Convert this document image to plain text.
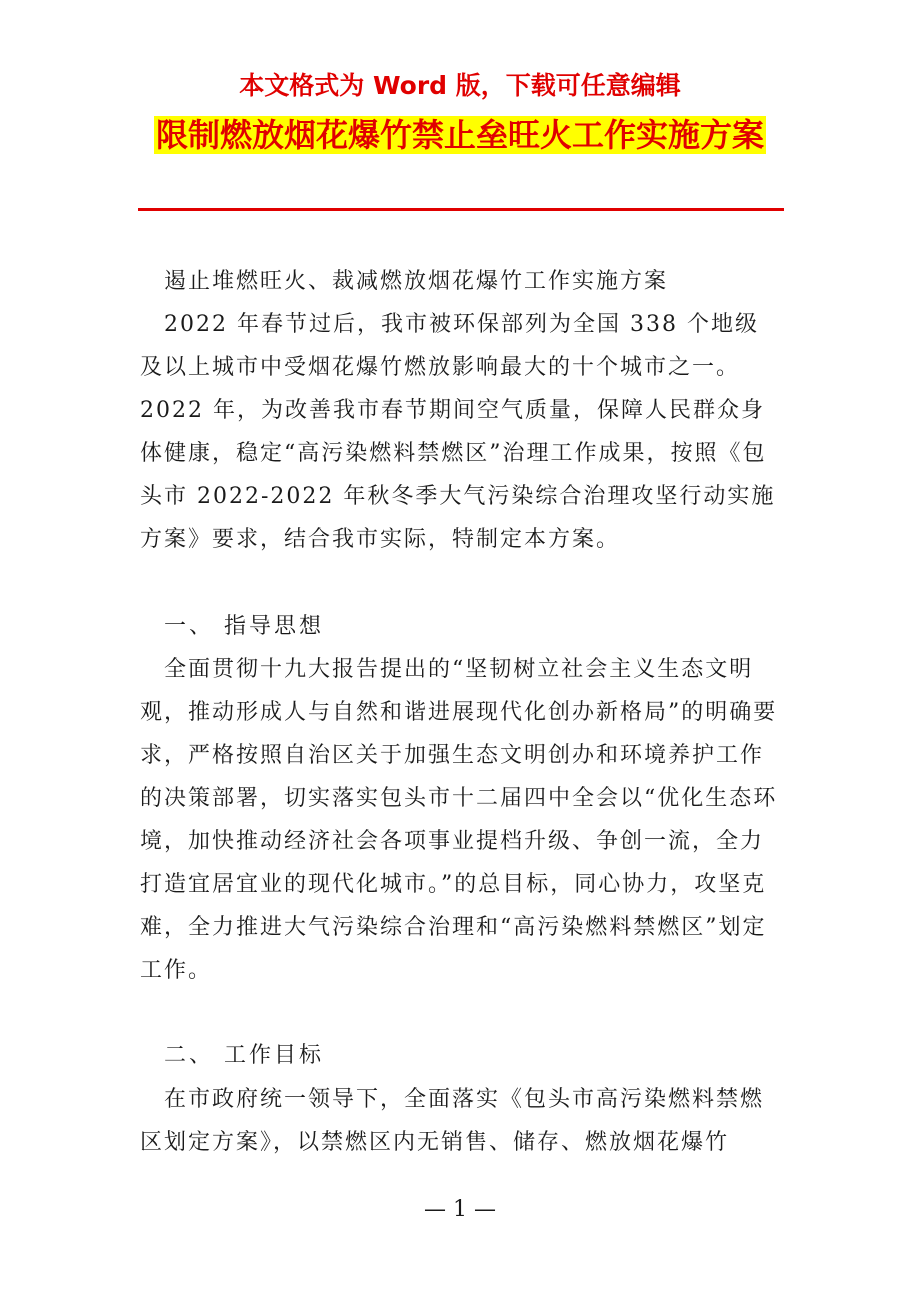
本文格式为 Word 版，下载可任意编辑
限制燃放烟花爆竹禁止垒旺火工作实施方案

遏止堆燃旺火、裁减燃放烟花爆竹工作实施方案

2022 年春节过后，我市被环保部列为全国 338 个地级及以上城市中受烟花爆竹燃放影响最大的十个城市之一。2022 年，为改善我市春节期间空气质量，保障人民群众身体健康，稳定“高污染燃料禁燃区”治理工作成果，按照《包头市 2022-2022 年秋冬季大气污染综合治理攻坚行动实施方案》要求，结合我市实际，特制定本方案。

一、 指导思想

全面贯彻十九大报告提出的“坚韧树立社会主义生态文明观，推动形成人与自然和谐进展现代化创办新格局”的明确要求，严格按照自治区关于加强生态文明创办和环境养护工作的决策部署，切实落实包头市十二届四中全会以“优化生态环境，加快推动经济社会各项事业提档升级、争创一流，全力打造宜居宜业的现代化城市。”的总目标，同心协力，攻坚克难，全力推进大气污染综合治理和“高污染燃料禁燃区”划定工作。

二、 工作目标

在市政府统一领导下，全面落实《包头市高污染燃料禁燃区划定方案》，以禁燃区内无销售、储存、燃放烟花爆竹

— 1 —
